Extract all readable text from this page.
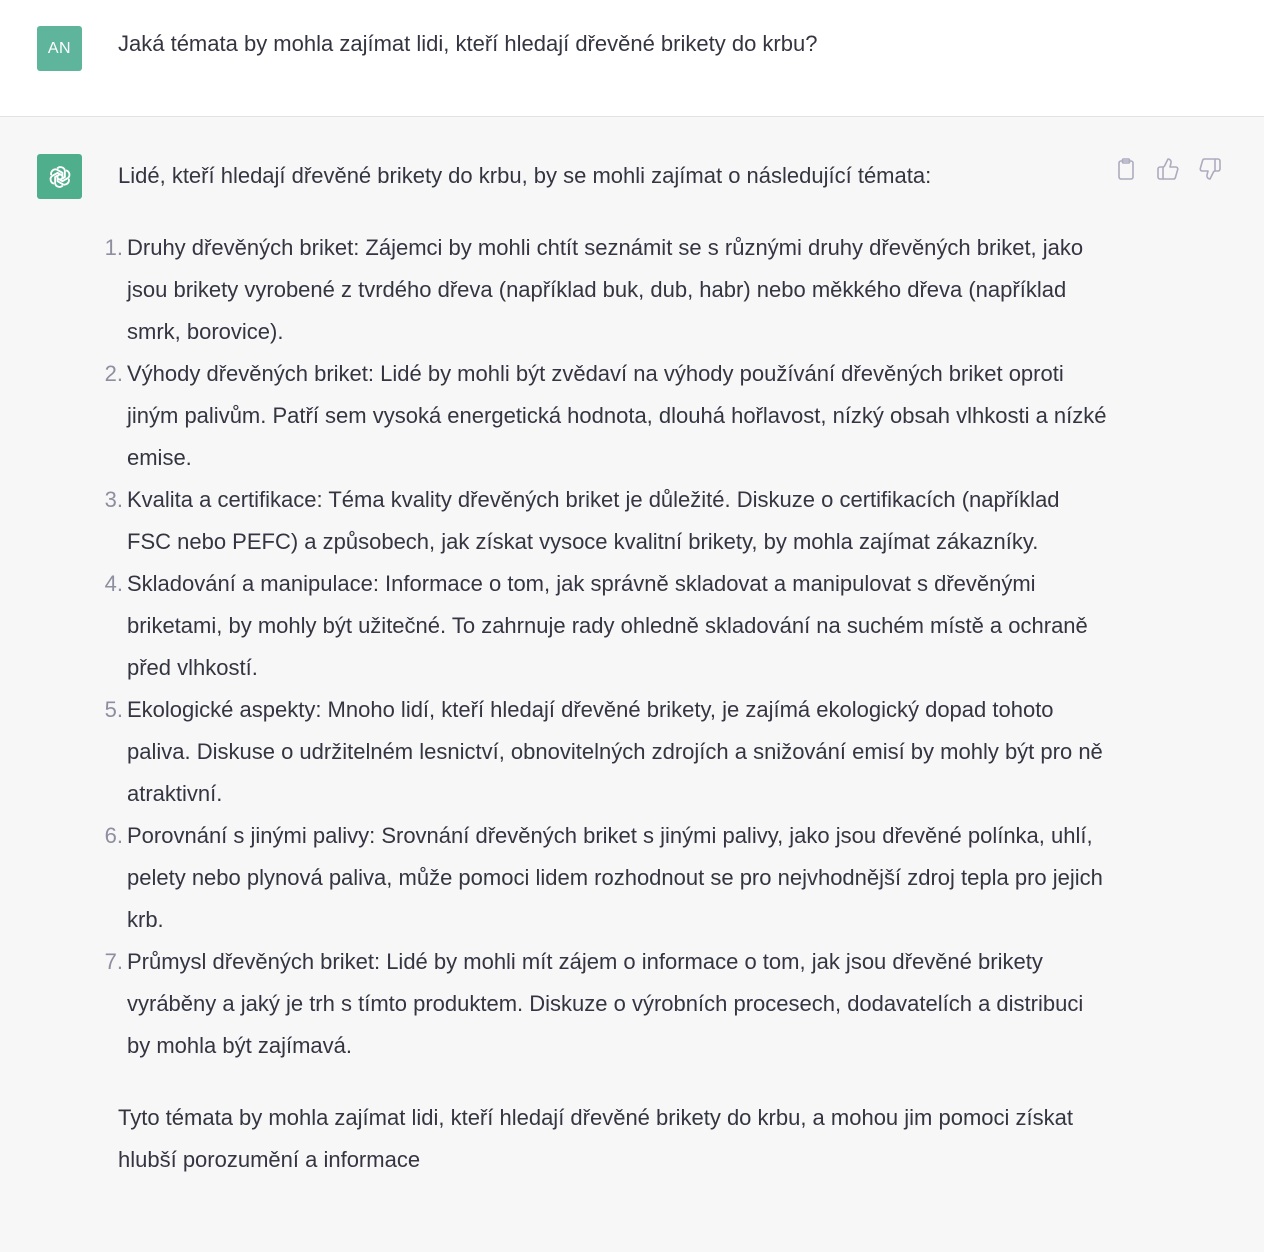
AN Jaká témata by mohla zajímat lidi, kteří hledají dřevěné brikety do krbu?

Lidé, kteří hledají dřevěné brikety do krbu, by se mohli zajímat o následující témata:

1. Druhy dřevěných briket: Zájemci by mohli chtít seznámit se s různými druhy dřevěných briket, jako jsou brikety vyrobené z tvrdého dřeva (například buk, dub, habr) nebo měkkého dřeva (například smrk, borovice).
2. Výhody dřevěných briket: Lidé by mohli být zvědaví na výhody používání dřevěných briket oproti jiným palivům. Patří sem vysoká energetická hodnota, dlouhá hořlavost, nízký obsah vlhkosti a nízké emise.
3. Kvalita a certifikace: Téma kvality dřevěných briket je důležité. Diskuze o certifikacích (například FSC nebo PEFC) a způsobech, jak získat vysoce kvalitní brikety, by mohla zajímat zákazníky.
4. Skladování a manipulace: Informace o tom, jak správně skladovat a manipulovat s dřevěnými briketami, by mohly být užitečné. To zahrnuje rady ohledně skladování na suchém místě a ochraně před vlhkostí.
5. Ekologické aspekty: Mnoho lidí, kteří hledají dřevěné brikety, je zajímá ekologický dopad tohoto paliva. Diskuse o udržitelném lesnictví, obnovitelných zdrojích a snižování emisí by mohly být pro ně atraktivní.
6. Porovnání s jinými palivy: Srovnání dřevěných briket s jinými palivy, jako jsou dřevěné polínka, uhlí, pelety nebo plynová paliva, může pomoci lidem rozhodnout se pro nejvhodnější zdroj tepla pro jejich krb.
7. Průmysl dřevěných briket: Lidé by mohli mít zájem o informace o tom, jak jsou dřevěné brikety vyráběny a jaký je trh s tímto produktem. Diskuze o výrobních procesech, dodavatelích a distribuci by mohla být zajímavá.

Tyto témata by mohla zajímat lidi, kteří hledají dřevěné brikety do krbu, a mohou jim pomoci získat hlubší porozumění a informace
